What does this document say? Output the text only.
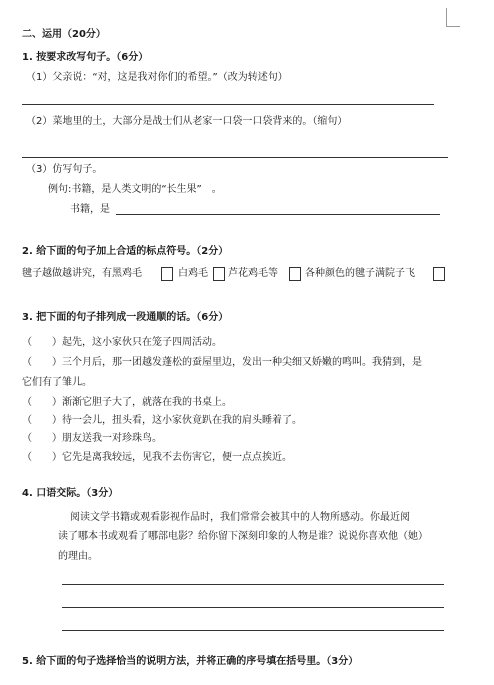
二、运用（20分）
1. 按要求改写句子。（6分）
（1）父亲说：“对，这是我对你们的希望。”（改为转述句）
（2）菜地里的土，大部分是战士们从老家一口袋一口袋背来的。（缩句）
（3）仿写句子。
例句:书籍，是人类文明的“长生果”　。
书籍，是
2. 给下面的句子加上合适的标点符号。（2分）
毽子越做越讲究，有黑鸡毛	白鸡毛 芦花鸡毛等	各种颜色的毽子满院子飞
3. 把下面的句子排列成一段通顺的话。（6分）
（　　）起先，这小家伙只在笼子四周活动。
（　　）三个月后，那一团越发蓬松的蚕屋里边，发出一种尖细又娇嫩的鸣叫。我猜到，是
它们有了雏儿。
（　　）渐渐它胆子大了，就落在我的书桌上。
（　　）待一会儿，扭头看，这小家伙竟趴在我的肩头睡着了。
（　　）朋友送我一对珍珠鸟。
（　　）它先是离我较远，见我不去伤害它，便一点点挨近。
4. 口语交际。（3分）
阅读文学书籍或观看影视作品时，我们常常会被其中的人物所感动。你最近阅
读了哪本书或观看了哪部电影？给你留下深刻印象的人物是谁？说说你喜欢他（她）
的理由。
5. 给下面的句子选择恰当的说明方法，并将正确的序号填在括号里。（3分）
